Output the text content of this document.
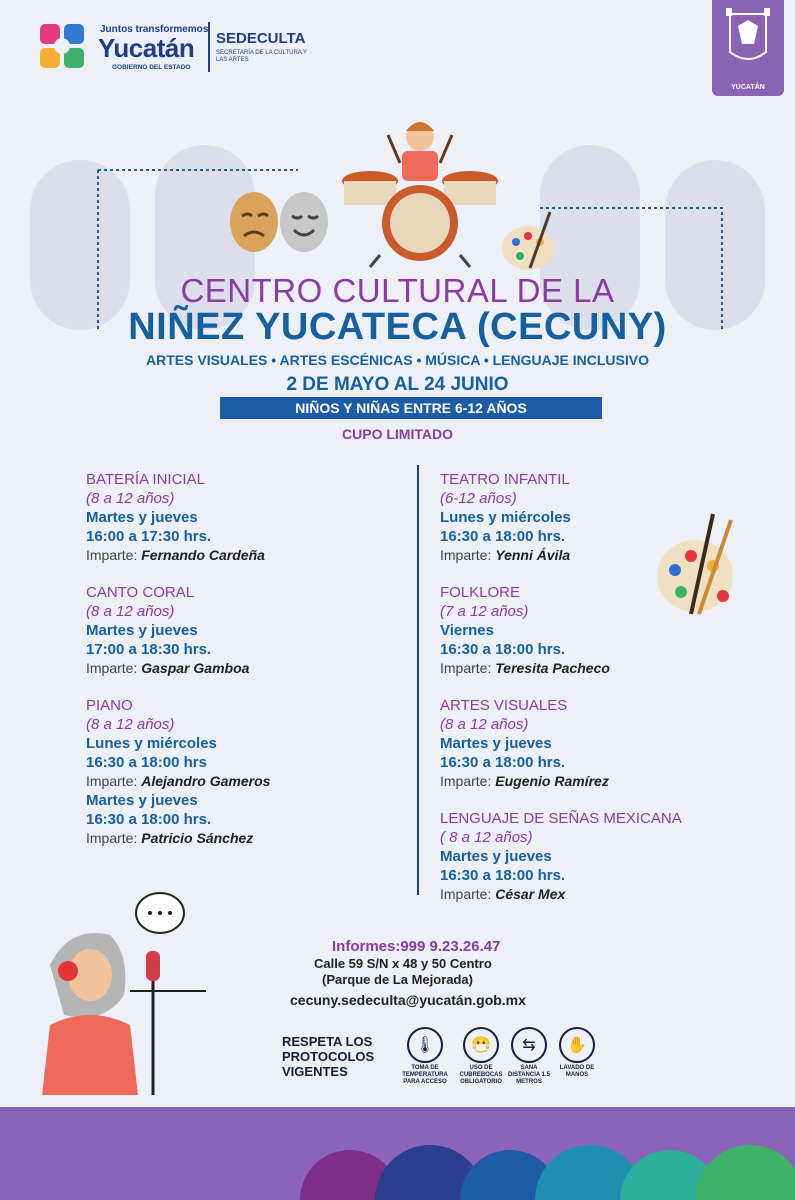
Juntos transformemos
Yucatán
GOBIERNO DEL ESTADO
SEDECULTA
SECRETARÍA DE LA CULTURA Y LAS ARTES
YUCATÁN
CENTRO CULTURAL DE LA
NIÑEZ YUCATECA (CECUNY)
ARTES VISUALES • ARTES ESCÉNICAS • MÚSICA • LENGUAJE INCLUSIVO
2 DE MAYO AL 24 JUNIO
NIÑOS Y NIÑAS ENTRE 6-12 AÑOS
CUPO LIMITADO
BATERÍA INICIAL
(8 a 12 años)
Martes y jueves
16:00 a 17:30 hrs.
Imparte: Fernando Cardeña
CANTO CORAL
(8 a 12 años)
Martes y jueves
17:00 a 18:30 hrs.
Imparte: Gaspar Gamboa
PIANO
(8 a 12 años)
Lunes y miércoles
16:30 a 18:00 hrs
Imparte: Alejandro Gameros
Martes y jueves
16:30 a 18:00 hrs.
Imparte: Patricio Sánchez
TEATRO INFANTIL
(6-12 años)
Lunes y miércoles
16:30 a 18:00 hrs.
Imparte: Yenni Ávila
FOLKLORE
(7 a 12 años)
Viernes
16:30 a 18:00 hrs.
Imparte: Teresita Pacheco
ARTES VISUALES
(8 a 12 años)
Martes y jueves
16:30 a 18:00 hrs.
Imparte: Eugenio Ramírez
LENGUAJE DE SEÑAS MEXICANA
( 8 a 12 años)
Martes y jueves
16:30 a 18:00 hrs.
Imparte: César Mex
Informes:999 9.23.26.47
Calle 59 S/N x 48 y 50 Centro
(Parque de La Mejorada)
cecuny.sedeculta@yucatán.gob.mx
RESPETA LOS PROTOCOLOS VIGENTES
🌡
TOMA DE TEMPERATURA PARA ACCESO
😷
USO DE CUBREBOCAS OBLIGATORIO
⇆
SANA DISTANCIA 1.5 METROS
✋
LAVADO DE MANOS
